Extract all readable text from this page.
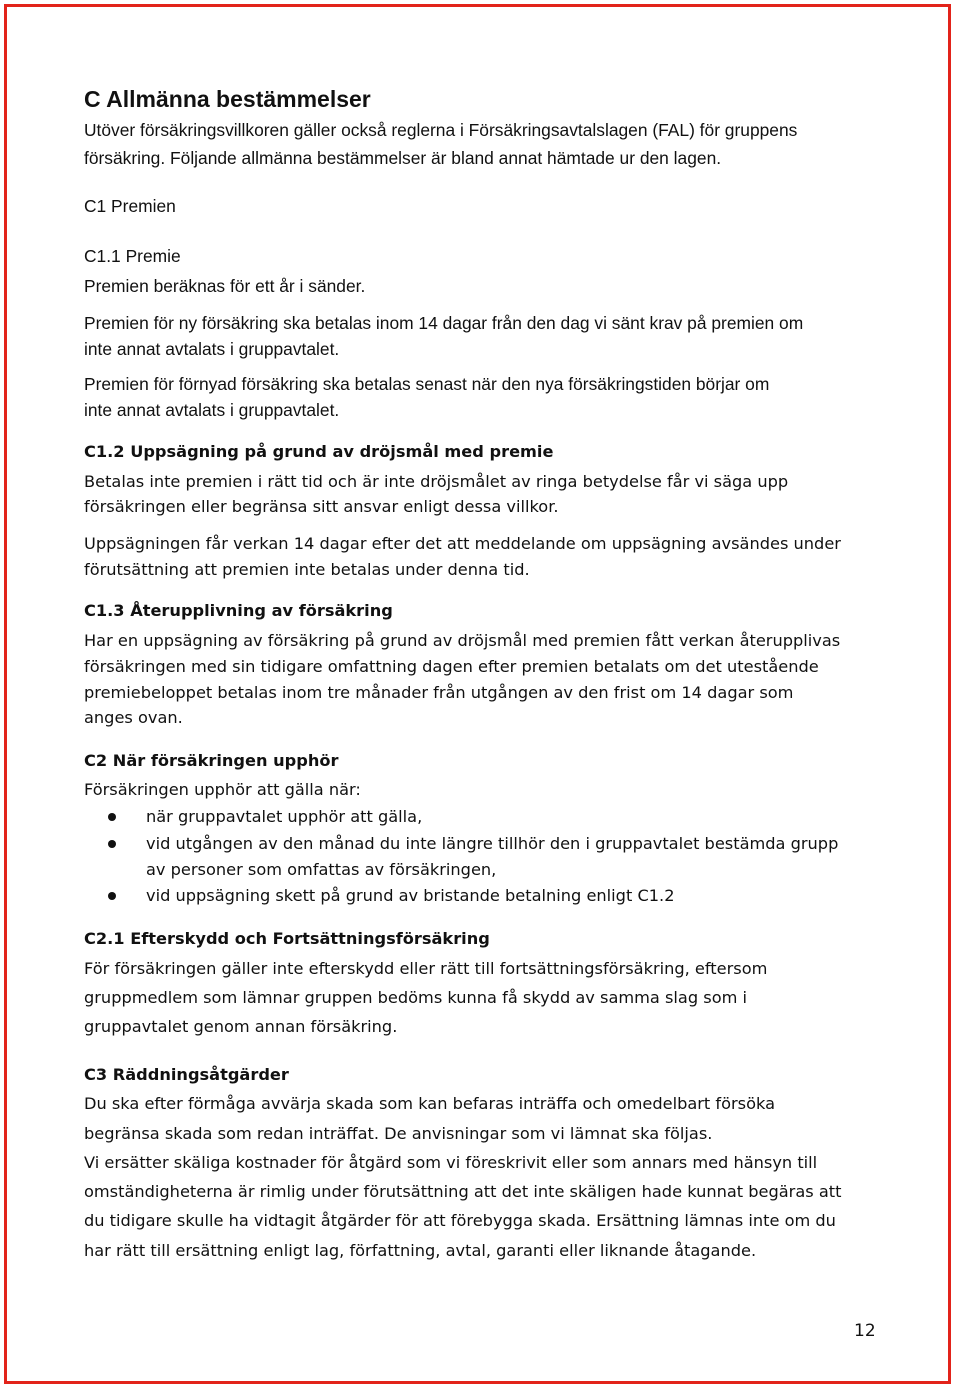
C Allmänna bestämmelser

Utöver försäkringsvillkoren gäller också reglerna i Försäkringsavtalslagen (FAL) för gruppens

försäkring. Följande allmänna bestämmelser är bland annat hämtade ur den lagen.

C1 Premien
C1.1 Premie

Premien beräknas för ett år i sänder.

Premien för ny försäkring ska betalas inom 14 dagar från den dag vi sänt krav på premien om

inte annat avtalats i gruppavtalet.

Premien för förnyad försäkring ska betalas senast när den nya försäkringstiden börjar om

inte annat avtalats i gruppavtalet.

C1.2 Uppsägning på grund av dröjsmål med premie

Betalas inte premien i rätt tid och är inte dröjsmålet av ringa betydelse får vi säga upp

försäkringen eller begränsa sitt ansvar enligt dessa villkor.

Uppsägningen får verkan 14 dagar efter det att meddelande om uppsägning avsändes under

förutsättning att premien inte betalas under denna tid.

C1.3 Återupplivning av försäkring

Har en uppsägning av försäkring på grund av dröjsmål med premien fått verkan återupplivas

försäkringen med sin tidigare omfattning dagen efter premien betalats om det utestående

premiebeloppet betalas inom tre månader från utgången av den frist om 14 dagar som

anges ovan.

C2 När försäkringen upphör

Försäkringen upphör att gälla när:

när gruppavtalet upphör att gälla,

vid utgången av den månad du inte längre tillhör den i gruppavtalet bestämda grupp

av personer som omfattas av försäkringen,

vid uppsägning skett på grund av bristande betalning enligt C1.2

C2.1 Efterskydd och Fortsättningsförsäkring

För försäkringen gäller inte efterskydd eller rätt till fortsättningsförsäkring, eftersom

gruppmedlem som lämnar gruppen bedöms kunna få skydd av samma slag som i

gruppavtalet genom annan försäkring.

C3 Räddningsåtgärder

Du ska efter förmåga avvärja skada som kan befaras inträffa och omedelbart försöka

begränsa skada som redan inträffat. De anvisningar som vi lämnat ska följas.

Vi ersätter skäliga kostnader för åtgärd som vi föreskrivit eller som annars med hänsyn till

omständigheterna är rimlig under förutsättning att det inte skäligen hade kunnat begäras att

du tidigare skulle ha vidtagit åtgärder för att förebygga skada. Ersättning lämnas inte om du

har rätt till ersättning enligt lag, författning, avtal, garanti eller liknande åtagande.

12
